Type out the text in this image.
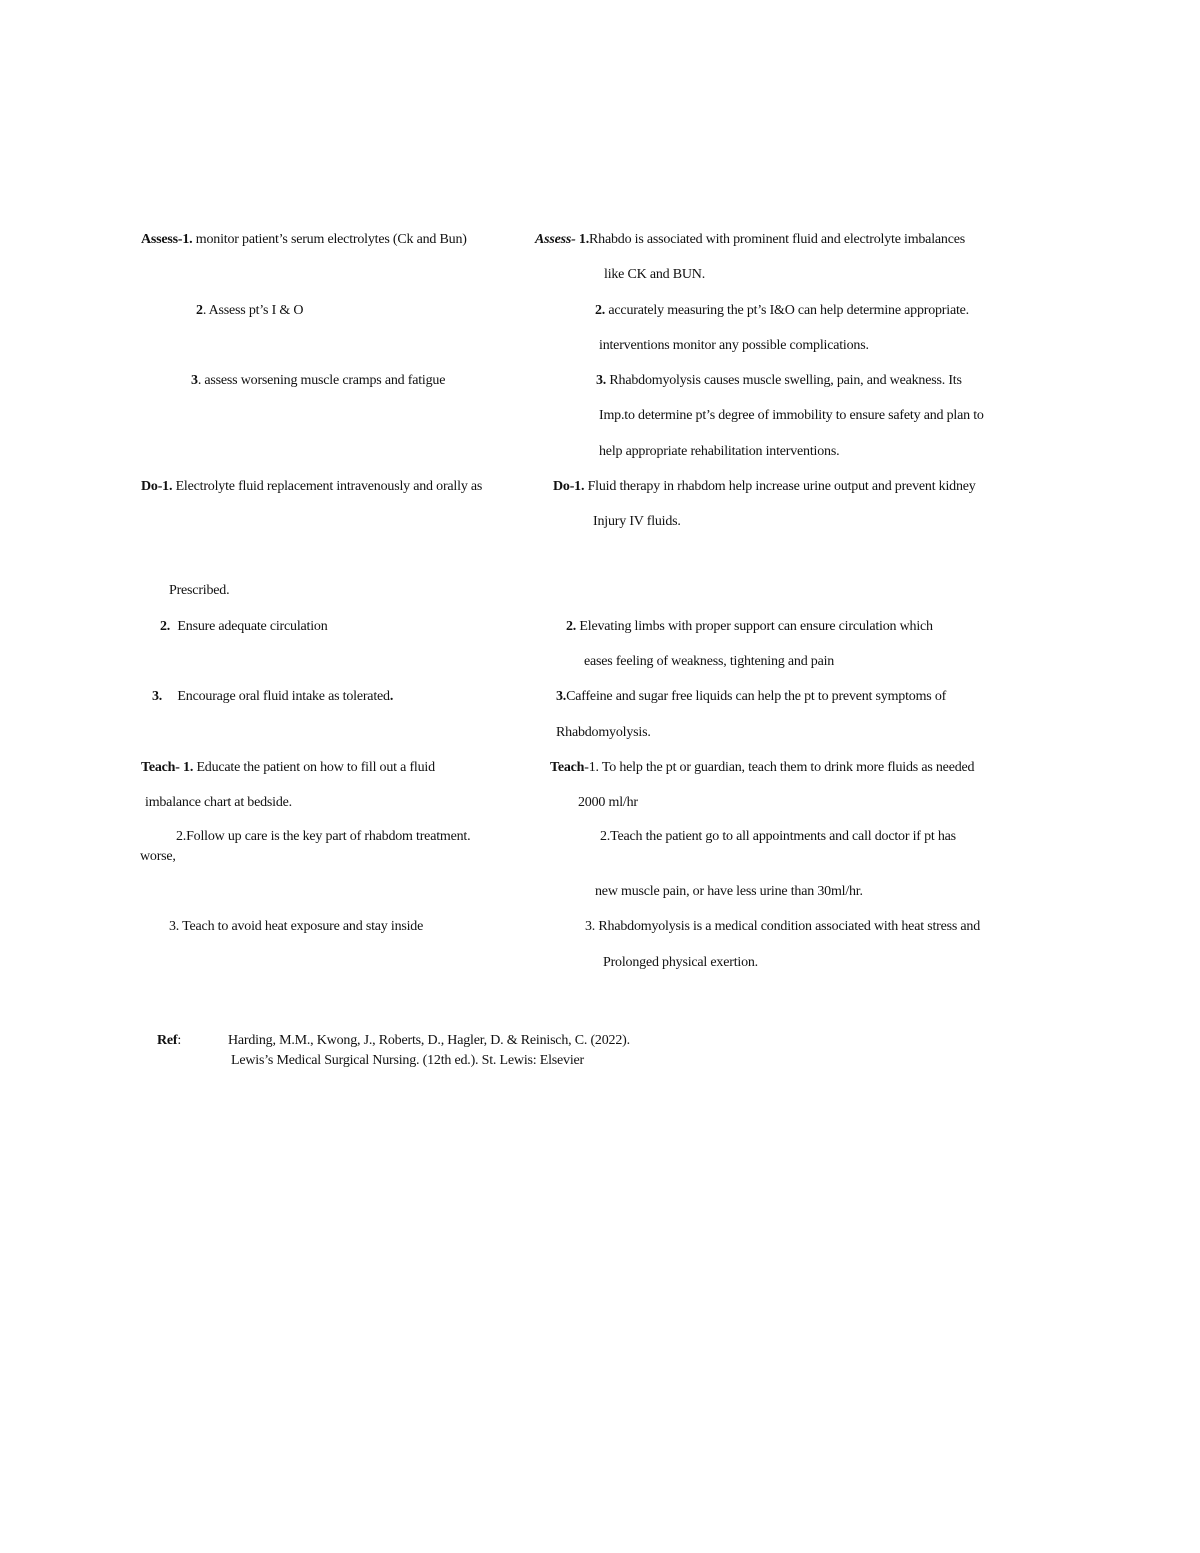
Assess-1. monitor patient’s serum electrolytes (Ck and Bun)
2. Assess pt’s I & O
3. assess worsening muscle cramps and fatigue
Do-1. Electrolyte fluid replacement intravenously and orally as
Prescribed.
2. Ensure adequate circulation
3. Encourage oral fluid intake as tolerated.
Teach- 1. Educate the patient on how to fill out a fluid
imbalance chart at bedside.
2.Follow up care is the key part of rhabdom treatment.
worse,
3. Teach to avoid heat exposure and stay inside
Assess- 1.Rhabdo is associated with prominent fluid and electrolyte imbalances
like CK and BUN.
2. accurately measuring the pt’s I&O can help determine appropriate.
interventions monitor any possible complications.
3. Rhabdomyolysis causes muscle swelling, pain, and weakness. Its
Imp.to determine pt’s degree of immobility to ensure safety and plan to
help appropriate rehabilitation interventions.
Do-1. Fluid therapy in rhabdom help increase urine output and prevent kidney
Injury IV fluids.
2. Elevating limbs with proper support can ensure circulation which
eases feeling of weakness, tightening and pain
3.Caffeine and sugar free liquids can help the pt to prevent symptoms of
Rhabdomyolysis.
Teach-1. To help the pt or guardian, teach them to drink more fluids as needed
2000 ml/hr
2.Teach the patient go to all appointments and call doctor if pt has
new muscle pain, or have less urine than 30ml/hr.
3. Rhabdomyolysis is a medical condition associated with heat stress and
Prolonged physical exertion.
Ref:	Harding, M.M., Kwong, J., Roberts, D., Hagler, D. & Reinisch, C. (2022).
Lewis’s Medical Surgical Nursing. (12th ed.). St. Lewis: Elsevier
